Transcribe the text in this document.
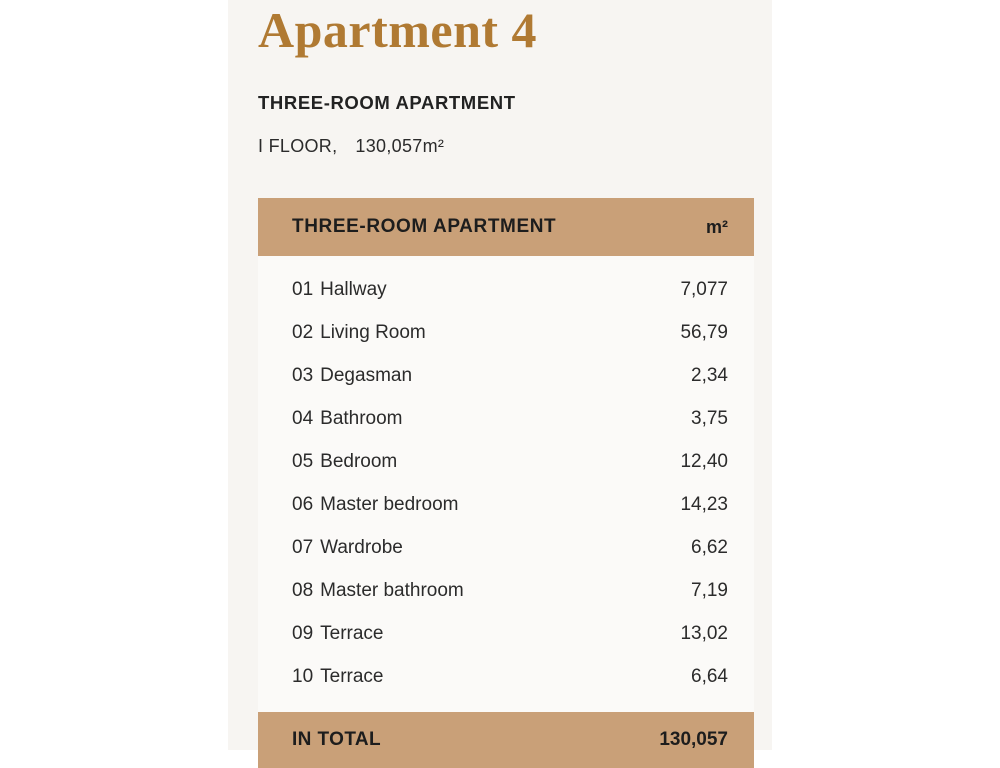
Apartment 4
THREE-ROOM APARTMENT
I FLOOR, 130,057m²
THREE-ROOM APARTMENT	m²
01 Hallway	7,077
02 Living Room	56,79
03 Degasman	2,34
04 Bathroom	3,75
05 Bedroom	12,40
06 Master bedroom	14,23
07 Wardrobe	6,62
08 Master bathroom	7,19
09 Terrace	13,02
10 Terrace	6,64
IN TOTAL	130,057
